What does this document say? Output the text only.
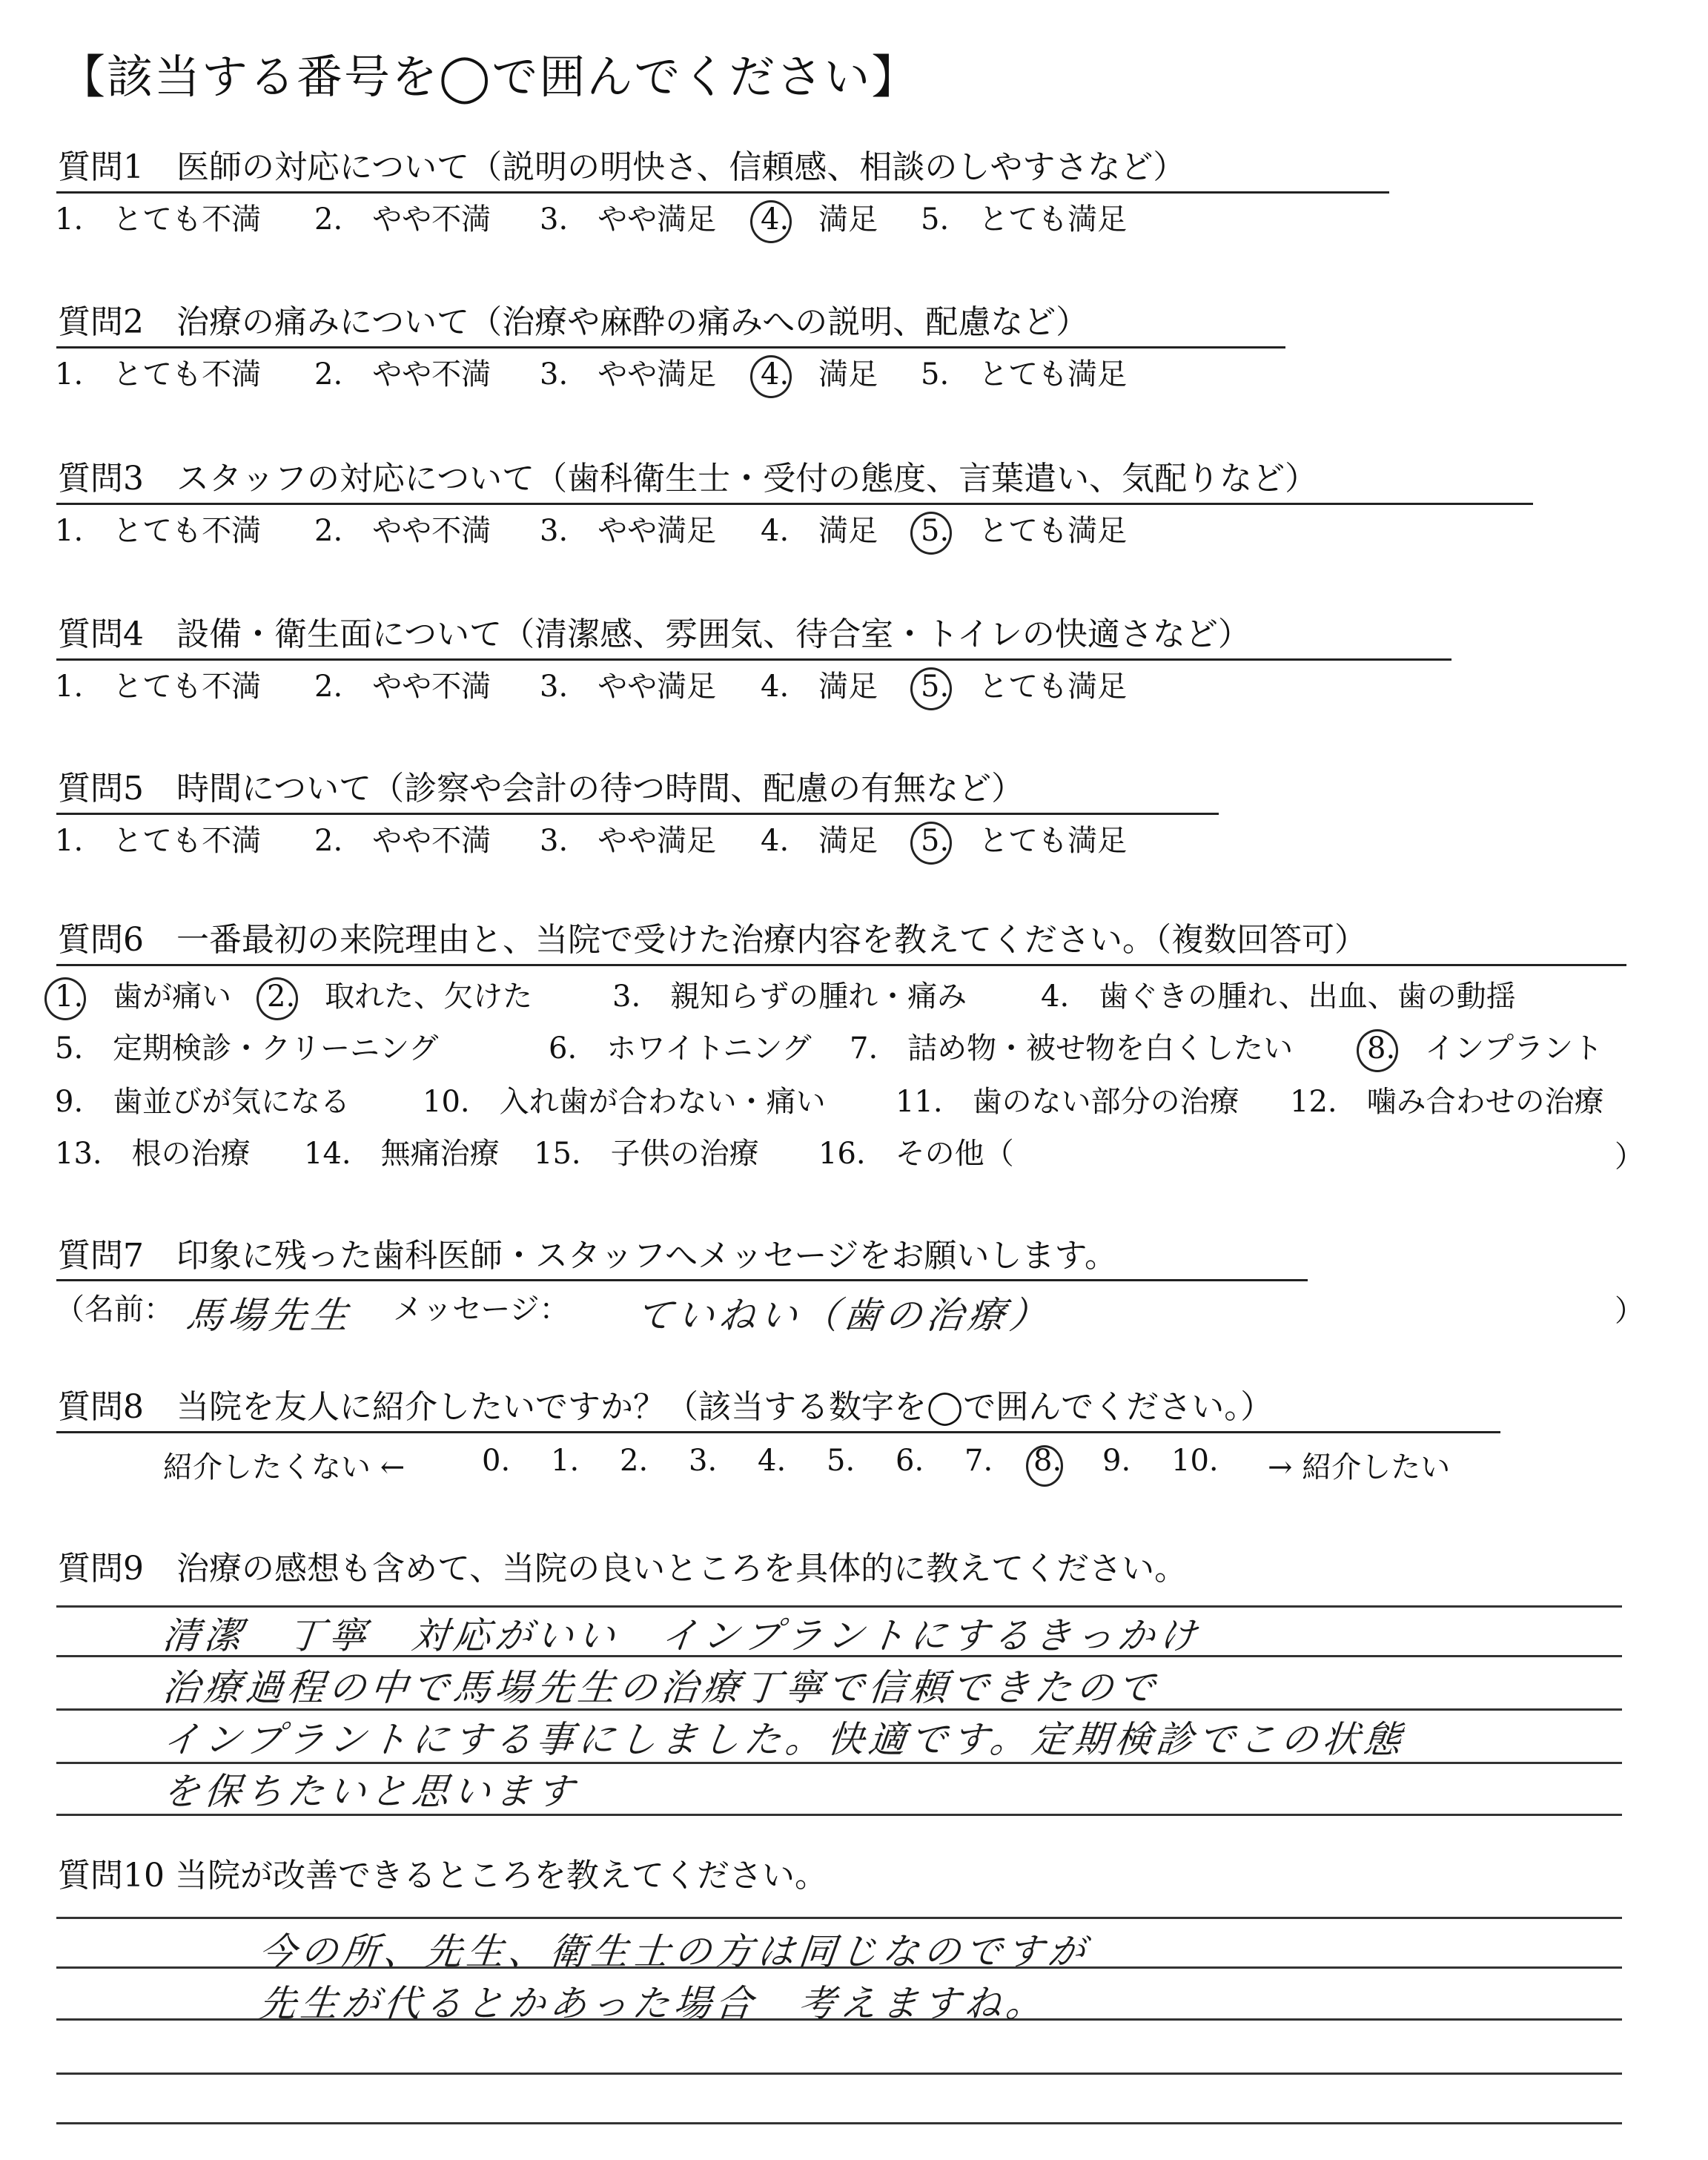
【該当する番号を◯で囲んでください】
質問1　医師の対応について（説明の明快さ、信頼感、相談のしやすさなど）
1.　とても不満 2.　やや不満 3.　やや満足 4.　満足 5.　とても満足
質問2　治療の痛みについて（治療や麻酔の痛みへの説明、配慮など）
1.　とても不満 2.　やや不満 3.　やや満足 4.　満足 5.　とても満足
質問3　スタッフの対応について（歯科衛生士・受付の態度、言葉遣い、気配りなど）
1.　とても不満 2.　やや不満 3.　やや満足 4.　満足 5.　とても満足
質問4　設備・衛生面について（清潔感、雰囲気、待合室・トイレの快適さなど）
1.　とても不満 2.　やや不満 3.　やや満足 4.　満足 5.　とても満足
質問5　時間について（診察や会計の待つ時間、配慮の有無など）
1.　とても不満 2.　やや不満 3.　やや満足 4.　満足 5.　とても満足
質問6　一番最初の来院理由と、当院で受けた治療内容を教えてください。（複数回答可）
1.　歯が痛い 2.　取れた、欠けた	3.　親知らずの腫れ・痛み 4.　歯ぐきの腫れ、出血、歯の動揺
5.　定期検診・クリーニング	6.　ホワイトニング 7.　詰め物・被せ物を白くしたい 8.　インプラント
9.　歯並びが気になる 10.　入れ歯が合わない・痛い 11.　歯のない部分の治療 12.　噛み合わせの治療
13.　根の治療 14.　無痛治療 15.　子供の治療 16.　その他（	）
質問7　印象に残った歯科医師・スタッフへメッセージをお願いします。
（名前： 馬場先生 メッセージ： ていねい（歯の治療）	）
質問8　当院を友人に紹介したいですか？（該当する数字を◯で囲んでください。）
紹介したくない ←	0. 1. 2. 3. 4. 5. 6. 7. 8. 9. 10. → 紹介したい
質問9　治療の感想も含めて、当院の良いところを具体的に教えてください。
清潔　丁寧　対応がいい　インプラントにするきっかけ
治療過程の中で馬場先生の治療丁寧で信頼できたので
インプラントにする事にしました。快適です。定期検診でこの状態
を保ちたいと思います
質問10 当院が改善できるところを教えてください。
今の所、先生、衛生士の方は同じなのですが
先生が代るとかあった場合　考えますね。
